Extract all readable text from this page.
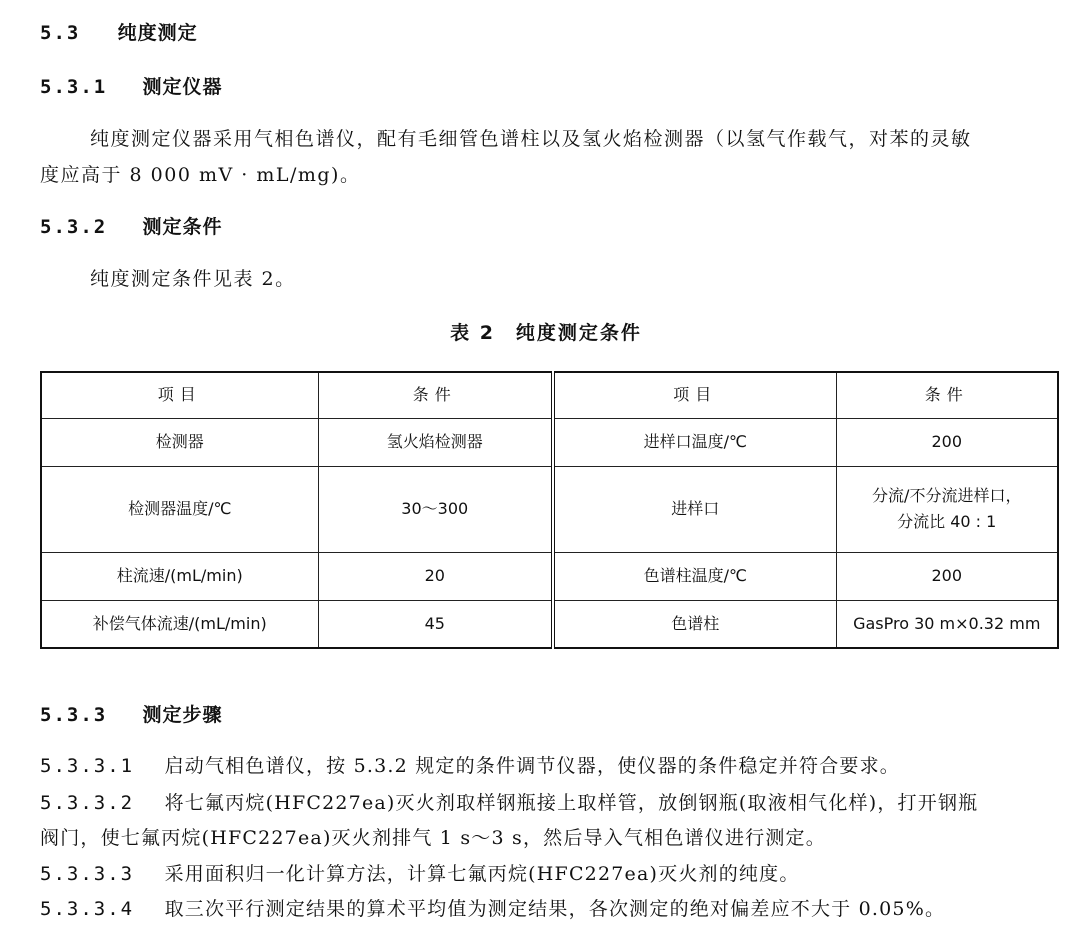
5.3 纯度测定
5.3.1 测定仪器
纯度测定仪器采用气相色谱仪，配有毛细管色谱柱以及氢火焰检测器（以氢气作载气，对苯的灵敏
度应高于 8 000 mV · mL/mg)。
5.3.2 测定条件
纯度测定条件见表 2。
表 2　纯度测定条件
项目	条件	项目	条件
检测器	氢火焰检测器	进样口温度/℃	200
检测器温度/℃	30～300	进样口	分流/不分流进样口，
分流比 40 : 1
柱流速/(mL/min)	20	色谱柱温度/℃	200
补偿气体流速/(mL/min)	45	色谱柱	GasPro 30 m×0.32 mm
5.3.3 测定步骤
5.3.3.1 启动气相色谱仪，按 5.3.2 规定的条件调节仪器，使仪器的条件稳定并符合要求。
5.3.3.2 将七氟丙烷(HFC227ea)灭火剂取样钢瓶接上取样管，放倒钢瓶(取液相气化样)，打开钢瓶
阀门，使七氟丙烷(HFC227ea)灭火剂排气 1 s～3 s，然后导入气相色谱仪进行测定。
5.3.3.3 采用面积归一化计算方法，计算七氟丙烷(HFC227ea)灭火剂的纯度。
5.3.3.4 取三次平行测定结果的算术平均值为测定结果，各次测定的绝对偏差应不大于 0.05%。
